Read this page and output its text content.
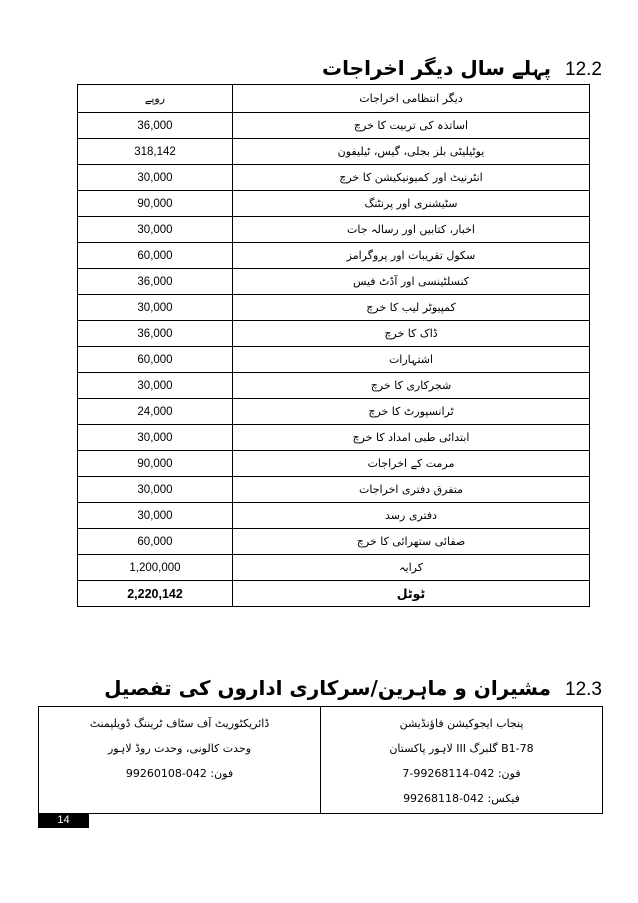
12.2
پہلے سال دیگر اخراجات
دیگر انتظامی اخراجات	روپے
اساتذہ کی تربیت کا خرچ	36,000
یوٹیلیٹی بلز بجلی، گیس، ٹیلیفون	318,142
انٹرنیٹ اور کمیونیکیشن کا خرچ	30,000
سٹیشنری اور پرنٹنگ	90,000
اخبار، کتابیں اور رسالہ جات	30,000
سکول تقریبات اور پروگرامز	60,000
کنسلٹینسی اور آڈٹ فیس	36,000
کمپیوٹر لیب کا خرچ	30,000
ڈاک کا خرچ	36,000
اشتہارات	60,000
شجرکاری کا خرچ	30,000
ٹرانسپورٹ کا خرچ	24,000
ابتدائی طبی امداد کا خرچ	30,000
مرمت کے اخراجات	90,000
متفرق دفتری اخراجات	30,000
دفتری رسد	30,000
صفائی ستھرائی کا خرچ	60,000
کرایہ	1,200,000
ٹوٹل	2,220,142
12.3
مشیران و ماہرین/سرکاری اداروں کی تفصیل
پنجاب ایجوکیشن فاؤنڈیشن
78-B1 گلبرگ III لاہور پاکستان
فون: 042-99268114-7
فیکس: 042-99268118

ڈائریکٹوریٹ آف سٹاف ٹریننگ ڈویلپمنٹ
وحدت کالونی، وحدت روڈ لاہور
فون: 042-99260108
14
